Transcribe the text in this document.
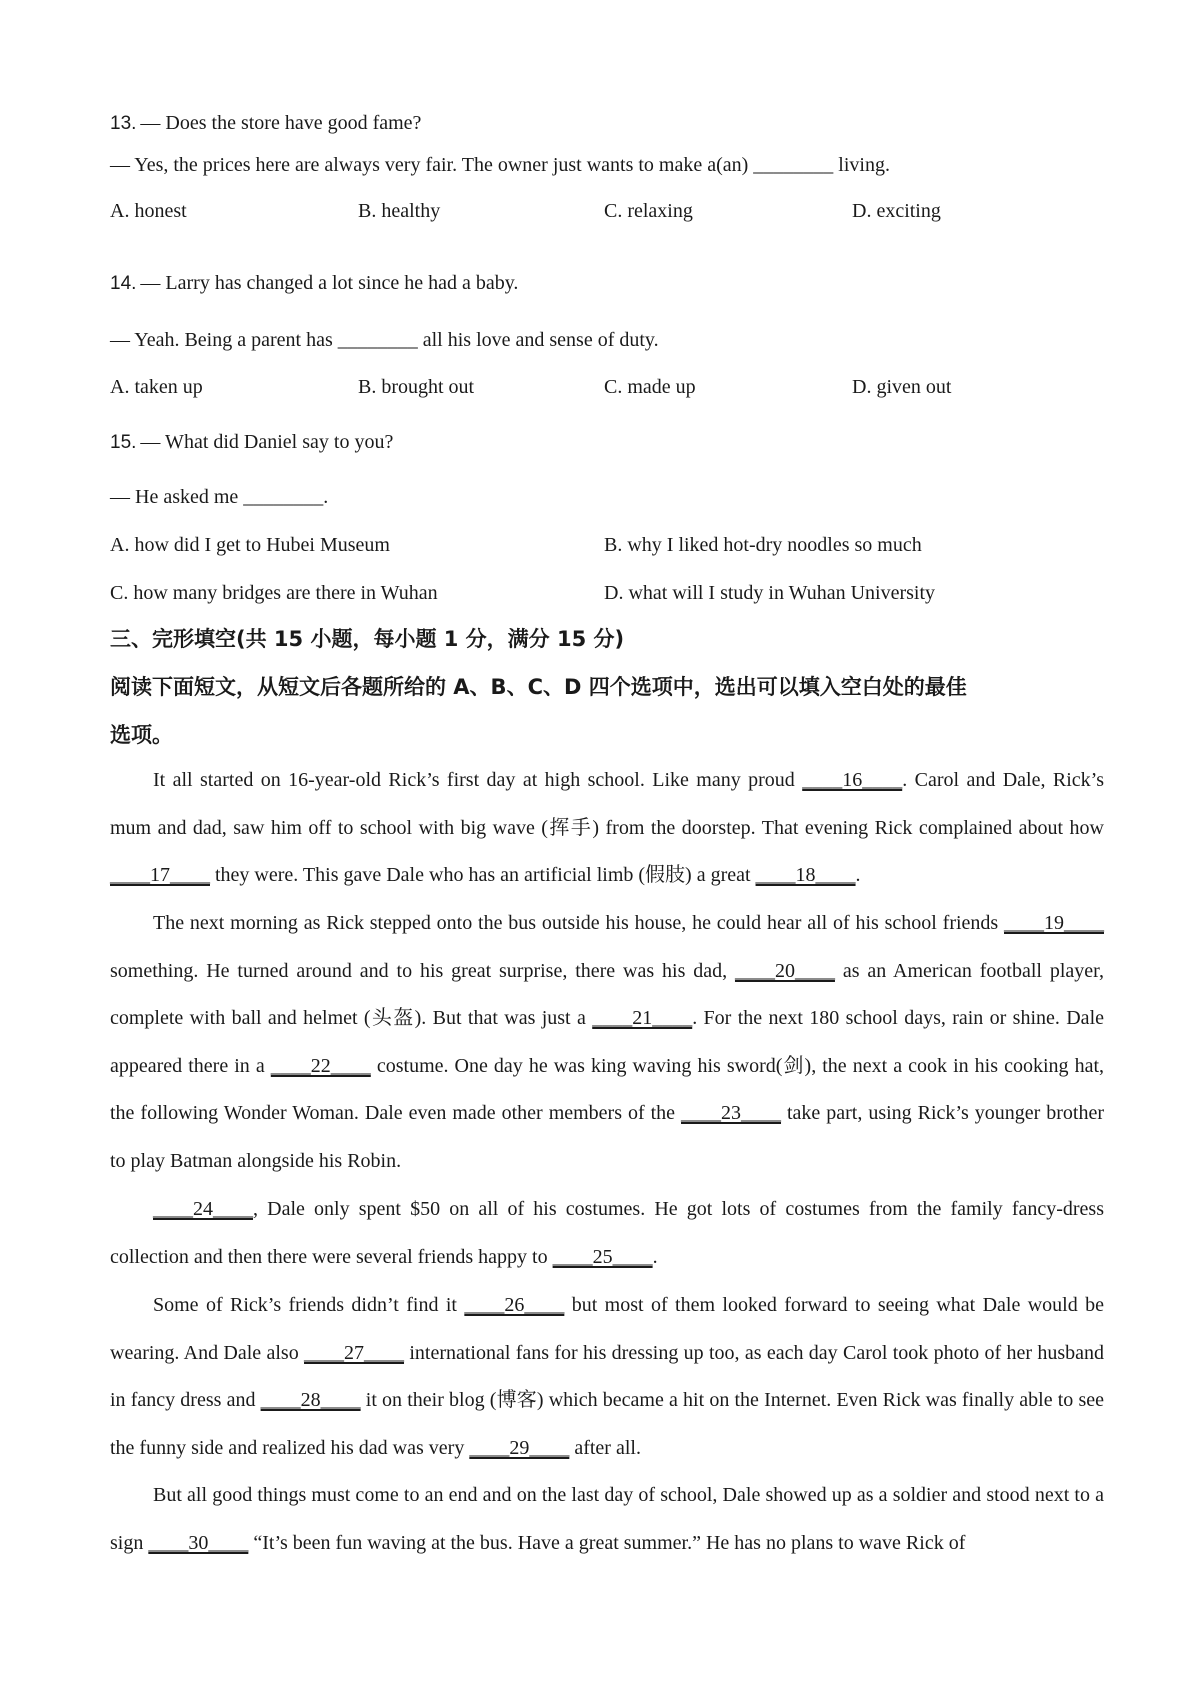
13. — Does the store have good fame?
— Yes, the prices here are always very fair. The owner just wants to make a(an) ________ living.
A. honest	B. healthy	C. relaxing	D. exciting
14. — Larry has changed a lot since he had a baby.
— Yeah. Being a parent has ________ all his love and sense of duty.
A. taken up	B. brought out	C. made up	D. given out
15. — What did Daniel say to you?
— He asked me ________.
A. how did I get to Hubei Museum	B. why I liked hot-dry noodles so much
C. how many bridges are there in Wuhan	D. what will I study in Wuhan University
三、完形填空(共 15 小题，每小题 1 分，满分 15 分)
阅读下面短文，从短文后各题所给的 A、B、C、D 四个选项中，选出可以填入空白处的最佳
选项。

It all started on 16-year-old Rick’s first day at high school. Like many proud ____16____. Carol and Dale, Rick’s mum and dad, saw him off to school with big wave (挥手) from the doorstep. That evening Rick complained about how ____17____ they were. This gave Dale who has an artificial limb (假肢) a great ____18____.

The next morning as Rick stepped onto the bus outside his house, he could hear all of his school friends ____19____ something. He turned around and to his great surprise, there was his dad, ____20____ as an American football player, complete with ball and helmet (头盔). But that was just a ____21____. For the next 180 school days, rain or shine. Dale appeared there in a ____22____ costume. One day he was king waving his sword(剑), the next a cook in his cooking hat, the following Wonder Woman. Dale even made other members of the ____23____ take part, using Rick’s younger brother to play Batman alongside his Robin.

____24____, Dale only spent $50 on all of his costumes. He got lots of costumes from the family fancy-dress collection and then there were several friends happy to ____25____.

Some of Rick’s friends didn’t find it ____26____ but most of them looked forward to seeing what Dale would be wearing. And Dale also ____27____ international fans for his dressing up too, as each day Carol took photo of her husband in fancy dress and ____28____ it on their blog (博客) which became a hit on the Internet. Even Rick was finally able to see the funny side and realized his dad was very ____29____ after all.

But all good things must come to an end and on the last day of school, Dale showed up as a soldier and stood next to a sign ____30____ “It’s been fun waving at the bus. Have a great summer.” He has no plans to wave Rick of
